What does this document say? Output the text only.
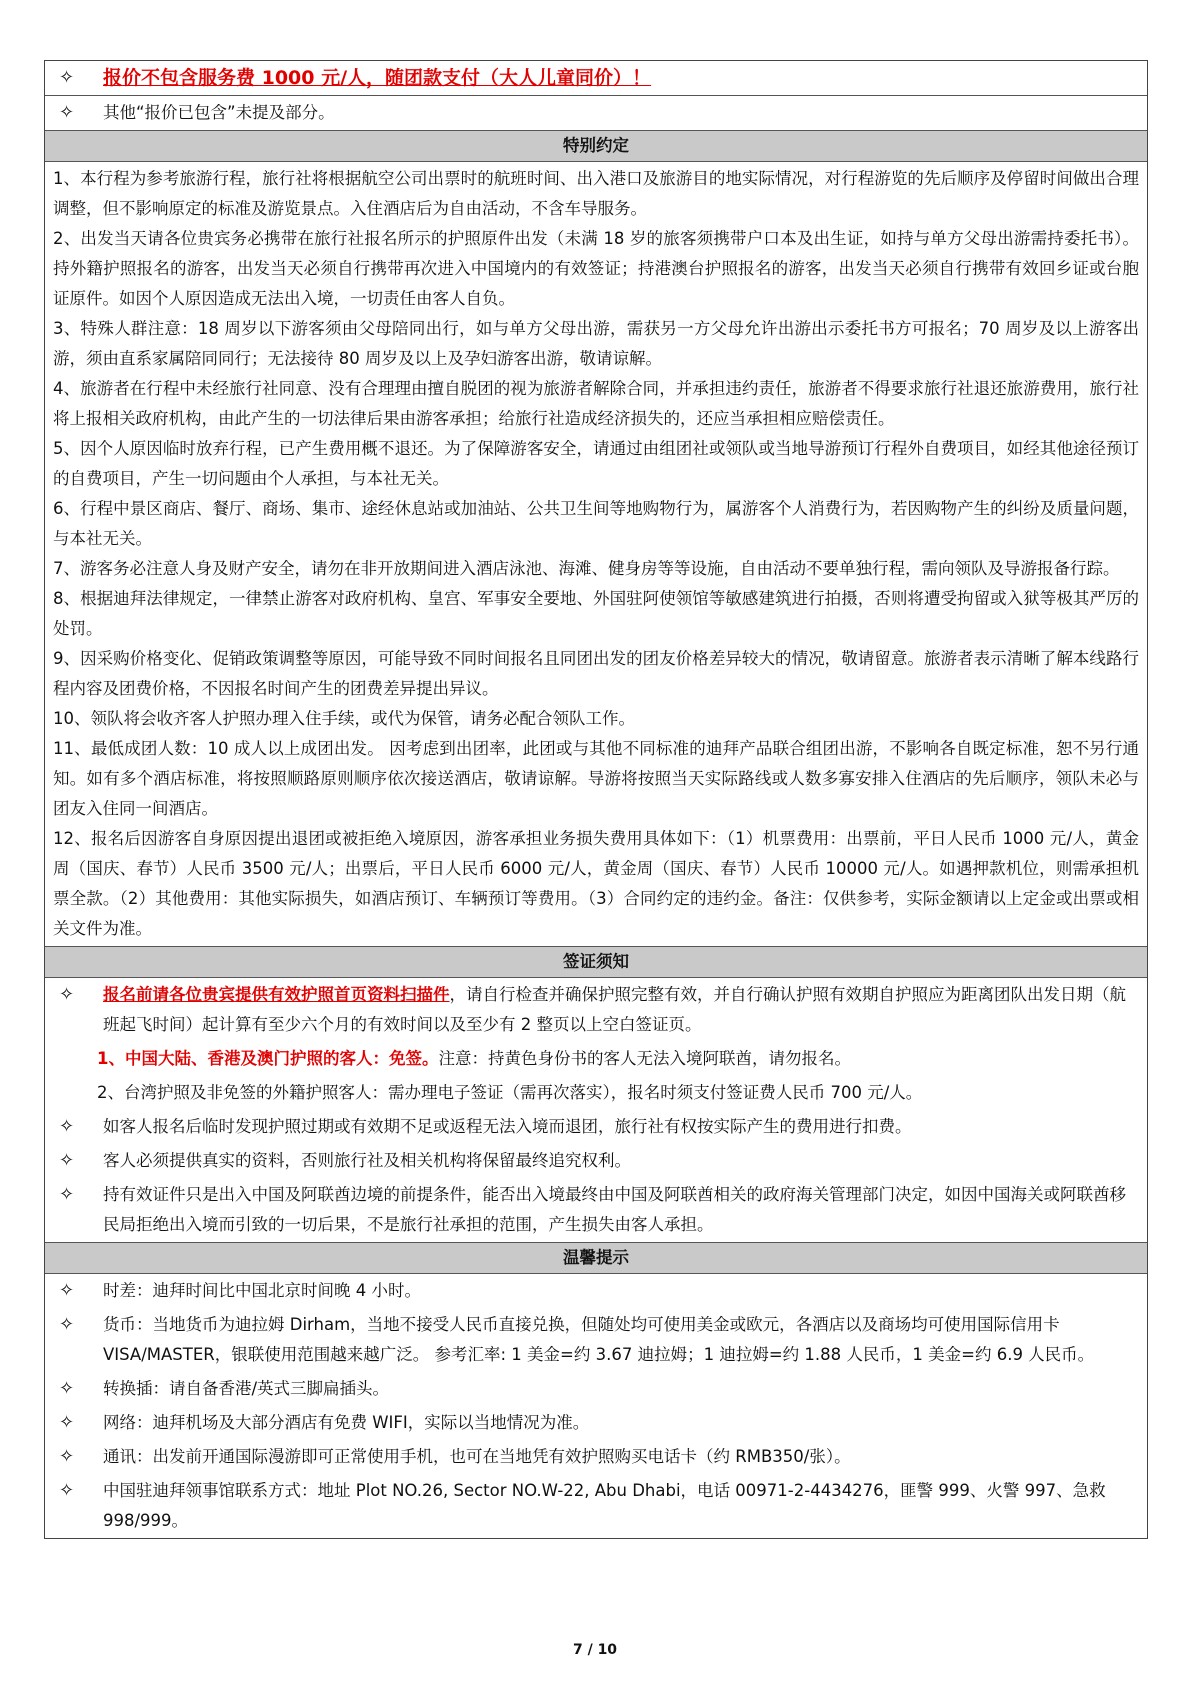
✧	报价不包含服务费 1000 元/人，随团款支付（大人儿童同价）！
✧	其他“报价已包含”未提及部分。
特别约定
1、本行程为参考旅游行程，旅行社将根据航空公司出票时的航班时间、出入港口及旅游目的地实际情况，对行程游览的先后顺序及停留时间做出合理调整，但不影响原定的标准及游览景点。入住酒店后为自由活动，不含车导服务。
2、出发当天请各位贵宾务必携带在旅行社报名所示的护照原件出发（未满 18 岁的旅客须携带户口本及出生证，如持与单方父母出游需持委托书）。持外籍护照报名的游客，出发当天必须自行携带再次进入中国境内的有效签证；持港澳台护照报名的游客，出发当天必须自行携带有效回乡证或台胞证原件。如因个人原因造成无法出入境，一切责任由客人自负。
3、特殊人群注意：18 周岁以下游客须由父母陪同出行，如与单方父母出游，需获另一方父母允许出游出示委托书方可报名；70 周岁及以上游客出游，须由直系家属陪同同行；无法接待 80 周岁及以上及孕妇游客出游，敬请谅解。
4、旅游者在行程中未经旅行社同意、没有合理理由擅自脱团的视为旅游者解除合同，并承担违约责任，旅游者不得要求旅行社退还旅游费用，旅行社将上报相关政府机构，由此产生的一切法律后果由游客承担；给旅行社造成经济损失的，还应当承担相应赔偿责任。
5、因个人原因临时放弃行程，已产生费用概不退还。为了保障游客安全，请通过由组团社或领队或当地导游预订行程外自费项目，如经其他途径预订的自费项目，产生一切问题由个人承担，与本社无关。
6、行程中景区商店、餐厅、商场、集市、途经休息站或加油站、公共卫生间等地购物行为，属游客个人消费行为，若因购物产生的纠纷及质量问题，与本社无关。
7、游客务必注意人身及财产安全，请勿在非开放期间进入酒店泳池、海滩、健身房等等设施，自由活动不要单独行程，需向领队及导游报备行踪。
8、根据迪拜法律规定，一律禁止游客对政府机构、皇宫、军事安全要地、外国驻阿使领馆等敏感建筑进行拍摄，否则将遭受拘留或入狱等极其严厉的处罚。
9、因采购价格变化、促销政策调整等原因，可能导致不同时间报名且同团出发的团友价格差异较大的情况，敬请留意。旅游者表示清晰了解本线路行程内容及团费价格，不因报名时间产生的团费差异提出异议。
10、领队将会收齐客人护照办理入住手续，或代为保管，请务必配合领队工作。
11、最低成团人数：10 成人以上成团出发。 因考虑到出团率，此团或与其他不同标准的迪拜产品联合组团出游，不影响各自既定标准，恕不另行通知。如有多个酒店标准，将按照顺路原则顺序依次接送酒店，敬请谅解。导游将按照当天实际路线或人数多寡安排入住酒店的先后顺序，领队未必与团友入住同一间酒店。
12、报名后因游客自身原因提出退团或被拒绝入境原因，游客承担业务损失费用具体如下：（1）机票费用：出票前，平日人民币 1000 元/人，黄金周（国庆、春节）人民币 3500 元/人；出票后，平日人民币 6000 元/人，黄金周（国庆、春节）人民币 10000 元/人。如遇押款机位，则需承担机票全款。（2）其他费用：其他实际损失，如酒店预订、车辆预订等费用。（3）合同约定的违约金。备注：仅供参考，实际金额请以上定金或出票或相关文件为准。
签证须知
✧	报名前请各位贵宾提供有效护照首页资料扫描件，请自行检查并确保护照完整有效，并自行确认护照有效期自护照应为距离团队出发日期（航班起飞时间）起计算有至少六个月的有效时间以及至少有 2 整页以上空白签证页。
1、中国大陆、香港及澳门护照的客人：免签。注意：持黄色身份书的客人无法入境阿联酋，请勿报名。
2、台湾护照及非免签的外籍护照客人：需办理电子签证（需再次落实），报名时须支付签证费人民币 700 元/人。
✧	如客人报名后临时发现护照过期或有效期不足或返程无法入境而退团，旅行社有权按实际产生的费用进行扣费。
✧	客人必须提供真实的资料，否则旅行社及相关机构将保留最终追究权利。
✧	持有效证件只是出入中国及阿联酋边境的前提条件，能否出入境最终由中国及阿联酋相关的政府海关管理部门决定，如因中国海关或阿联酋移民局拒绝出入境而引致的一切后果，不是旅行社承担的范围，产生损失由客人承担。
温馨提示
✧	时差：迪拜时间比中国北京时间晚 4 小时。
✧	货币：当地货币为迪拉姆 Dirham，当地不接受人民币直接兑换，但随处均可使用美金或欧元，各酒店以及商场均可使用国际信用卡VISA/MASTER，银联使用范围越来越广泛。 参考汇率: 1 美金=约 3.67 迪拉姆；1 迪拉姆=约 1.88 人民币，1 美金=约 6.9 人民币。
✧	转换插：请自备香港/英式三脚扁插头。
✧	网络：迪拜机场及大部分酒店有免费 WIFI，实际以当地情况为准。
✧	通讯：出发前开通国际漫游即可正常使用手机，也可在当地凭有效护照购买电话卡（约 RMB350/张）。
✧	中国驻迪拜领事馆联系方式：地址 Plot NO.26, Sector NO.W-22, Abu Dhabi，电话 00971-2-4434276，匪警 999、火警 997、急救 998/999。
7 / 10
